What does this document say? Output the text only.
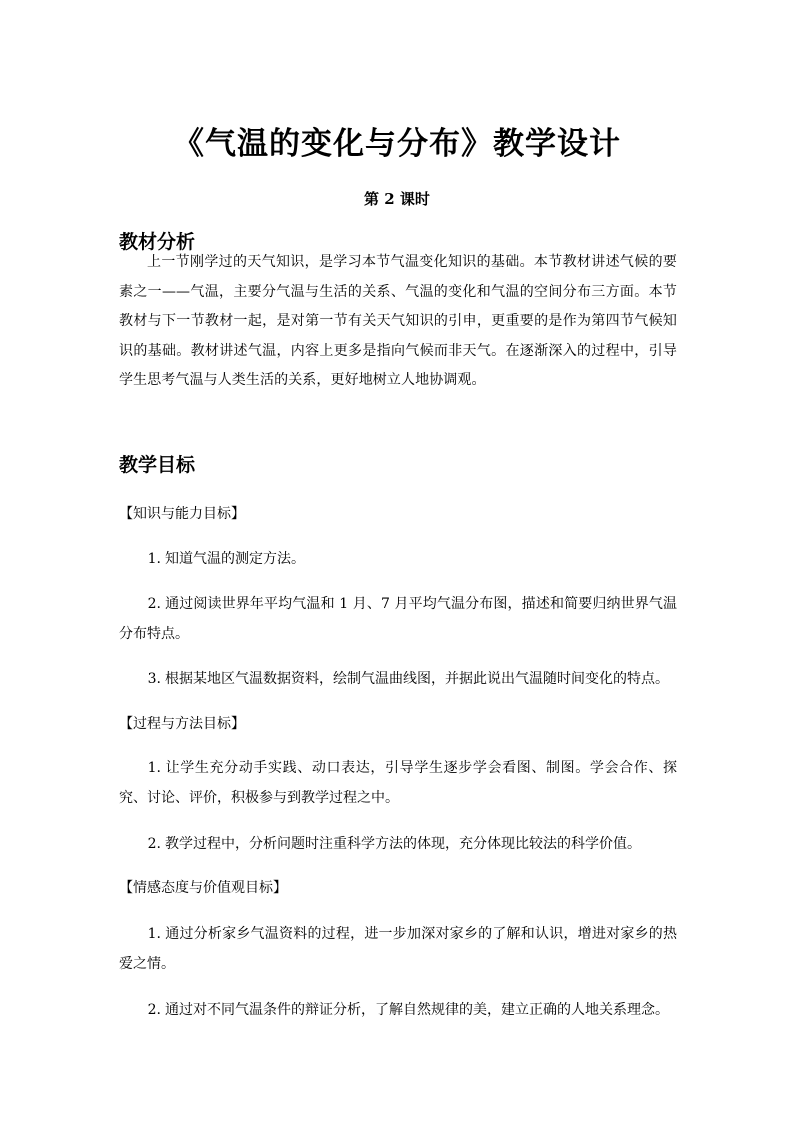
《气温的变化与分布》教学设计
第 2 课时
教材分析
上一节刚学过的天气知识，是学习本节气温变化知识的基础。本节教材讲述气候的要素之一——气温，主要分气温与生活的关系、气温的变化和气温的空间分布三方面。本节教材与下一节教材一起，是对第一节有关天气知识的引申，更重要的是作为第四节气候知识的基础。教材讲述气温，内容上更多是指向气候而非天气。在逐渐深入的过程中，引导学生思考气温与人类生活的关系，更好地树立人地协调观。
教学目标
【知识与能力目标】
1. 知道气温的测定方法。
2. 通过阅读世界年平均气温和 1 月、7 月平均气温分布图，描述和简要归纳世界气温分布特点。
3. 根据某地区气温数据资料，绘制气温曲线图，并据此说出气温随时间变化的特点。
【过程与方法目标】
1. 让学生充分动手实践、动口表达，引导学生逐步学会看图、制图。学会合作、探究、讨论、评价，积极参与到教学过程之中。
2. 教学过程中，分析问题时注重科学方法的体现，充分体现比较法的科学价值。
【情感态度与价值观目标】
1. 通过分析家乡气温资料的过程，进一步加深对家乡的了解和认识，增进对家乡的热爱之情。
2. 通过对不同气温条件的辩证分析，了解自然规律的美，建立正确的人地关系理念。
